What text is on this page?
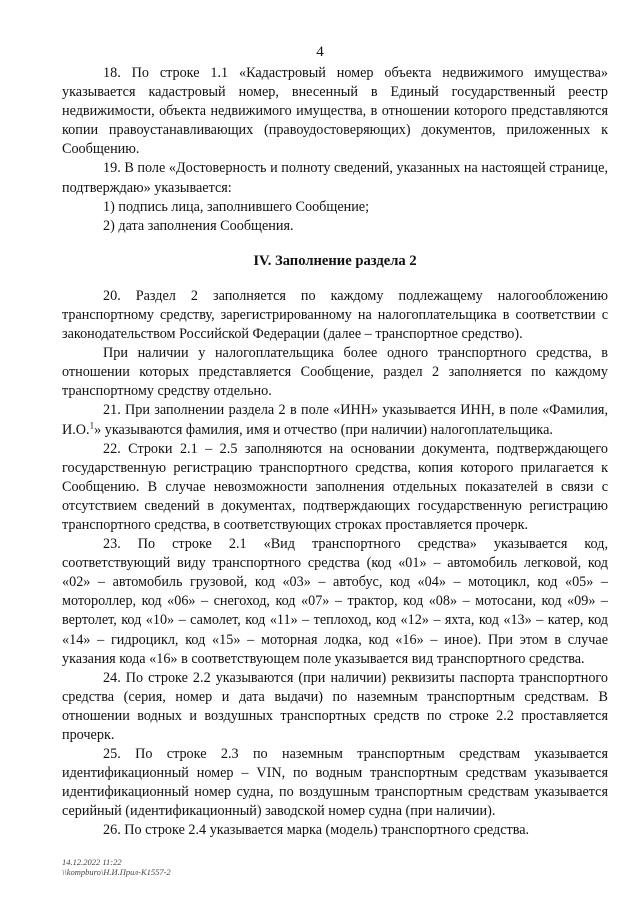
4

18. По строке 1.1 «Кадастровый номер объекта недвижимого имущества» указывается кадастровый номер, внесенный в Единый государственный реестр недвижимости, объекта недвижимого имущества, в отношении которого представляются копии правоустанавливающих (правоудостоверяющих) документов, приложенных к Сообщению.

19. В поле «Достоверность и полноту сведений, указанных на настоящей странице, подтверждаю» указывается:

1) подпись лица, заполнившего Сообщение;

2) дата заполнения Сообщения.

IV. Заполнение раздела 2

20. Раздел 2 заполняется по каждому подлежащему налогообложению транспортному средству, зарегистрированному на налогоплательщика в соответствии с законодательством Российской Федерации (далее – транспортное средство).

При наличии у налогоплательщика более одного транспортного средства, в отношении которых представляется Сообщение, раздел 2 заполняется по каждому транспортному средству отдельно.

21. При заполнении раздела 2 в поле «ИНН» указывается ИНН, в поле «Фамилия, И.О.$^1$» указываются фамилия, имя и отчество (при наличии) налогоплательщика.

22. Строки 2.1 – 2.5 заполняются на основании документа, подтверждающего государственную регистрацию транспортного средства, копия которого прилагается к Сообщению. В случае невозможности заполнения отдельных показателей в связи с отсутствием сведений в документах, подтверждающих государственную регистрацию транспортного средства, в соответствующих строках проставляется прочерк.

23. По строке 2.1 «Вид транспортного средства» указывается код, соответствующий виду транспортного средства (код «01» – автомобиль легковой, код «02» – автомобиль грузовой, код «03» – автобус, код «04» – мотоцикл, код «05» – мотороллер, код «06» – снегоход, код «07» – трактор, код «08» – мотосани, код «09» – вертолет, код «10» – самолет, код «11» – теплоход, код «12» – яхта, код «13» – катер, код «14» – гидроцикл, код «15» – моторная лодка, код «16» – иное). При этом в случае указания кода «16» в соответствующем поле указывается вид транспортного средства.

24. По строке 2.2 указываются (при наличии) реквизиты паспорта транспортного средства (серия, номер и дата выдачи) по наземным транспортным средствам. В отношении водных и воздушных транспортных средств по строке 2.2 проставляется прочерк.

25. По строке 2.3 по наземным транспортным средствам указывается идентификационный номер – VIN, по водным транспортным средствам указывается идентификационный номер судна, по воздушным транспортным средствам указывается серийный (идентификационный) заводской номер судна (при наличии).

26. По строке 2.4 указывается марка (модель) транспортного средства.

14.12.2022 11:22
\\kompburo\Н.И.Прил-К1557-2
